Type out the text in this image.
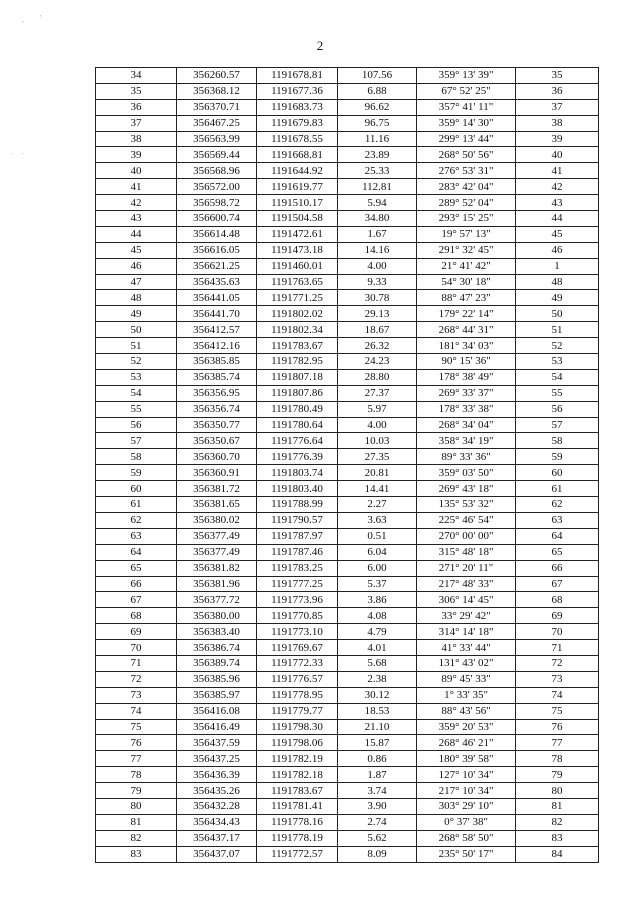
, '
. .
2
34	356260.57	1191678.81	107.56	359° 13' 39"	35
35	356368.12	1191677.36	6.88	67° 52' 25"	36
36	356370.71	1191683.73	96.62	357° 41' 11"	37
37	356467.25	1191679.83	96.75	359° 14' 30"	38
38	356563.99	1191678.55	11.16	299° 13' 44"	39
39	356569.44	1191668.81	23.89	268° 50' 56"	40
40	356568.96	1191644.92	25.33	276° 53' 31"	41
41	356572.00	1191619.77	112.81	283° 42' 04"	42
42	356598.72	1191510.17	5.94	289° 52' 04"	43
43	356600.74	1191504.58	34.80	293° 15' 25"	44
44	356614.48	1191472.61	1.67	19° 57' 13"	45
45	356616.05	1191473.18	14.16	291° 32' 45"	46
46	356621.25	1191460.01	4.00	21° 41' 42"	1
47	356435.63	1191763.65	9.33	54° 30' 18"	48
48	356441.05	1191771.25	30.78	88° 47' 23"	49
49	356441.70	1191802.02	29.13	179° 22' 14"	50
50	356412.57	1191802.34	18.67	268° 44' 31"	51
51	356412.16	1191783.67	26.32	181° 34' 03"	52
52	356385.85	1191782.95	24.23	90° 15' 36"	53
53	356385.74	1191807.18	28.80	178° 38' 49"	54
54	356356.95	1191807.86	27.37	269° 33' 37"	55
55	356356.74	1191780.49	5.97	178° 33' 38"	56
56	356350.77	1191780.64	4.00	268° 34' 04"	57
57	356350.67	1191776.64	10.03	358° 34' 19"	58
58	356360.70	1191776.39	27.35	89° 33' 36"	59
59	356360.91	1191803.74	20.81	359° 03' 50"	60
60	356381.72	1191803.40	14.41	269° 43' 18"	61
61	356381.65	1191788.99	2.27	135° 53' 32"	62
62	356380.02	1191790.57	3.63	225° 46' 54"	63
63	356377.49	1191787.97	0.51	270° 00' 00"	64
64	356377.49	1191787.46	6.04	315° 48' 18"	65
65	356381.82	1191783.25	6.00	271° 20' 11"	66
66	356381.96	1191777.25	5.37	217° 48' 33"	67
67	356377.72	1191773.96	3.86	306° 14' 45"	68
68	356380.00	1191770.85	4.08	33° 29' 42"	69
69	356383.40	1191773.10	4.79	314° 14' 18"	70
70	356386.74	1191769.67	4.01	41° 33' 44"	71
71	356389.74	1191772.33	5.68	131° 43' 02"	72
72	356385.96	1191776.57	2.38	89° 45' 33"	73
73	356385.97	1191778.95	30.12	1° 33' 35"	74
74	356416.08	1191779.77	18.53	88° 43' 56"	75
75	356416.49	1191798.30	21.10	359° 20' 53"	76
76	356437.59	1191798.06	15.87	268° 46' 21"	77
77	356437.25	1191782.19	0.86	180° 39' 58"	78
78	356436.39	1191782.18	1.87	127° 10' 34"	79
79	356435.26	1191783.67	3.74	217° 10' 34"	80
80	356432.28	1191781.41	3.90	303° 29' 10"	81
81	356434.43	1191778.16	2.74	0° 37' 38"	82
82	356437.17	1191778.19	5.62	268° 58' 50"	83
83	356437.07	1191772.57	8.09	235° 50' 17"	84
